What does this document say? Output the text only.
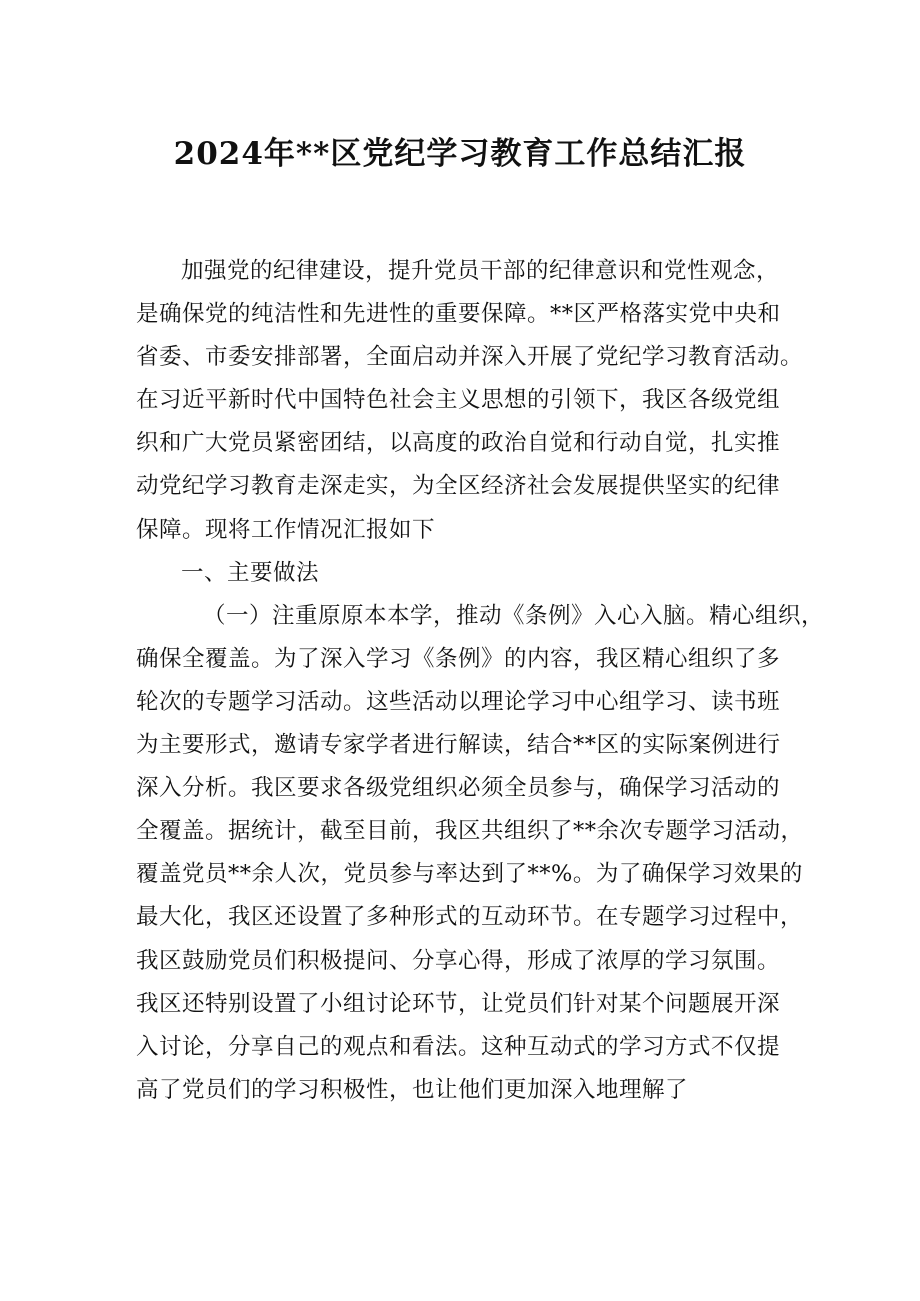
2024年**区党纪学习教育工作总结汇报
加强党的纪律建设，提升党员干部的纪律意识和党性观念，
是确保党的纯洁性和先进性的重要保障。**区严格落实党中央和
省委、市委安排部署，全面启动并深入开展了党纪学习教育活动。
在习近平新时代中国特色社会主义思想的引领下，我区各级党组
织和广大党员紧密团结，以高度的政治自觉和行动自觉，扎实推
动党纪学习教育走深走实，为全区经济社会发展提供坚实的纪律
保障。现将工作情况汇报如下
一、主要做法
（一）注重原原本本学，推动《条例》入心入脑。精心组织，
确保全覆盖。为了深入学习《条例》的内容，我区精心组织了多
轮次的专题学习活动。这些活动以理论学习中心组学习、读书班
为主要形式，邀请专家学者进行解读，结合**区的实际案例进行
深入分析。我区要求各级党组织必须全员参与，确保学习活动的
全覆盖。据统计，截至目前，我区共组织了**余次专题学习活动，
覆盖党员**余人次，党员参与率达到了**%。为了确保学习效果的
最大化，我区还设置了多种形式的互动环节。在专题学习过程中，
我区鼓励党员们积极提问、分享心得，形成了浓厚的学习氛围。
我区还特别设置了小组讨论环节，让党员们针对某个问题展开深
入讨论，分享自己的观点和看法。这种互动式的学习方式不仅提
高了党员们的学习积极性，也让他们更加深入地理解了
